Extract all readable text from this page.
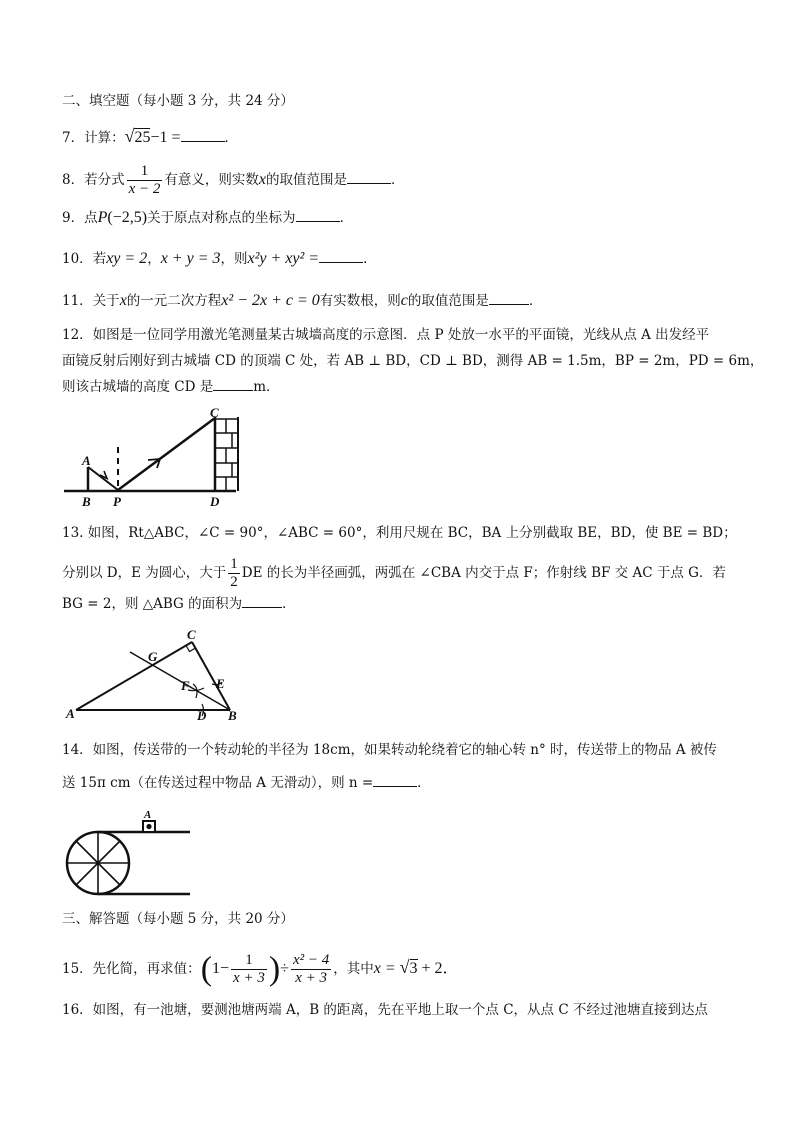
二、填空题（每小题 3 分，共 24 分）
7．计算：√25−1 =	．
8．若分式 $\frac{1}{x - 2}$ 有意义，则实数x的取值范围是	．
9．点P(−2,5)关于原点对称点的坐标为	．
10．若xy = 2，x + y = 3，则x²y + xy² =	．
11．关于x的一元二次方程x² − 2x + c = 0有实数根，则c的取值范围是	．
12．如图是一位同学用激光笔测量某古城墙高度的示意图．点 P 处放一水平的平面镜，光线从点 A 出发经平
面镜反射后刚好到古城墙 CD 的顶端 C 处，若 AB ⊥ BD，CD ⊥ BD，测得 AB = 1.5m，BP = 2m，PD = 6m，
则该古城墙的高度 CD 是	m．
A
B P
C
D
13. 如图，Rt△ABC，∠C = 90°，∠ABC = 60°，利用尺规在 BC，BA 上分别截取 BE，BD，使 BE = BD；
分别以 D，E 为圆心，大于 $\frac{1}{2}$ DE 的长为半径画弧，两弧在 ∠CBA 内交于点 F；作射线 BF 交 AC 于点 G．若
BG = 2，则 △ABG 的面积为	．
A	B
C
D
E
F
G
14．如图，传送带的一个转动轮的半径为 18cm，如果转动轮绕着它的轴心转 n° 时，传送带上的物品 A 被传
送 15π cm（在传送过程中物品 A 无滑动），则 n =	．
A
三、解答题（每小题 5 分，共 20 分）
15．先化简，再求值：($1- \frac{1}{x + 3}$ )÷ $\frac{\text{x² − 4}}{x + 3}$ ，其中x = √3 + 2．
16．如图，有一池塘，要测池塘两端 A，B 的距离，先在平地上取一个点 C，从点 C 不经过池塘直接到达点
